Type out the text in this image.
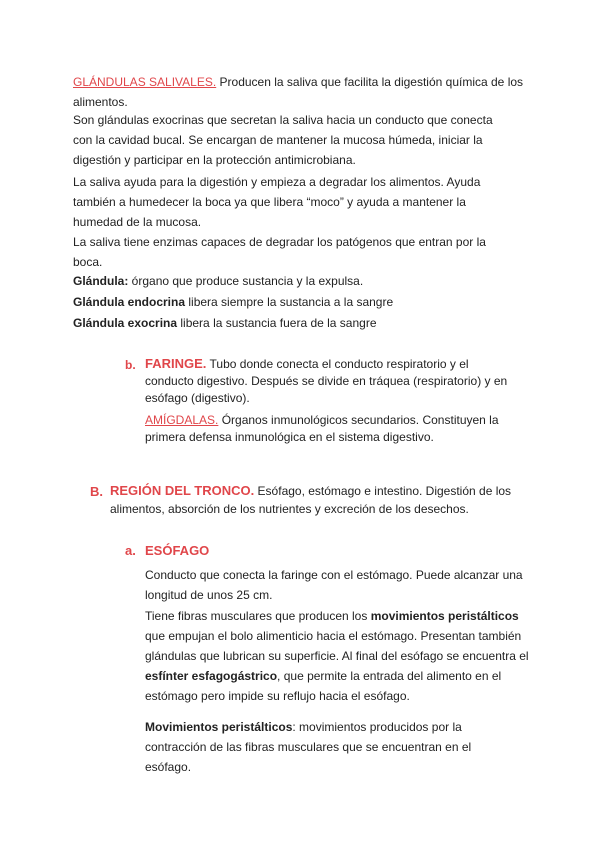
GLÁNDULAS SALIVALES. Producen la saliva que facilita la digestión química de los alimentos.

Son glándulas exocrinas que secretan la saliva hacia un conducto que conecta con la cavidad bucal. Se encargan de mantener la mucosa húmeda, iniciar la digestión y participar en la protección antimicrobiana.

La saliva ayuda para la digestión y empieza a degradar los alimentos. Ayuda también a humedecer la boca ya que libera “moco” y ayuda a mantener la humedad de la mucosa.

La saliva tiene enzimas capaces de degradar los patógenos que entran por la boca.

Glándula: órgano que produce sustancia y la expulsa.

Glándula endocrina libera siempre la sustancia a la sangre

Glándula exocrina libera la sustancia fuera de la sangre

b. FARINGE. Tubo donde conecta el conducto respiratorio y el conducto digestivo. Después se divide en tráquea (respiratorio) y en esófago (digestivo).

AMÍGDALAS. Órganos inmunológicos secundarios. Constituyen la primera defensa inmunológica en el sistema digestivo.

B. REGIÓN DEL TRONCO. Esófago, estómago e intestino. Digestión de los alimentos, absorción de los nutrientes y excreción de los desechos.

a. ESÓFAGO

Conducto que conecta la faringe con el estómago. Puede alcanzar una longitud de unos 25 cm.

Tiene fibras musculares que producen los movimientos peristálticos que empujan el bolo alimenticio hacia el estómago. Presentan también glándulas que lubrican su superficie. Al final del esófago se encuentra el esfínter esfagogástrico, que permite la entrada del alimento en el estómago pero impide su reflujo hacia el esófago.

Movimientos peristálticos: movimientos producidos por la contracción de las fibras musculares que se encuentran en el esófago.
